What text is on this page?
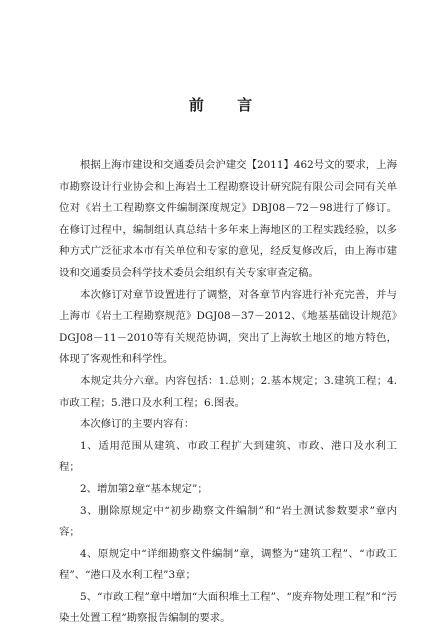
前 言

根据上海市建设和交通委员会沪建交【2011】462号文的要求，上海市勘察设计行业协会和上海岩土工程勘察设计研究院有限公司会同有关单位对《岩土工程勘察文件编制深度规定》DBJ08－72－98进行了修订。在修订过程中，编制组认真总结十多年来上海地区的工程实践经验，以多种方式广泛征求本市有关单位和专家的意见，经反复修改后，由上海市建设和交通委员会科学技术委员会组织有关专家审查定稿。

本次修订对章节设置进行了调整，对各章节内容进行补充完善，并与上海市《岩土工程勘察规范》DGJ08－37－2012、《地基基础设计规范》DGJ08－11－2010等有关规范协调，突出了上海软土地区的地方特色，体现了客观性和科学性。

本规定共分六章。内容包括：1.总则；2.基本规定；3.建筑工程；4.市政工程；5.港口及水利工程；6.图表。

本次修订的主要内容有：

1、适用范围从建筑、市政工程扩大到建筑、市政、港口及水利工程；

2、增加第2章“基本规定”；

3、删除原规定中“初步勘察文件编制”和“岩土测试参数要求”章内容；

4、原规定中“详细勘察文件编制”章，调整为“建筑工程”、“市政工程”、“港口及水利工程”3章；

5、“市政工程”章中增加“大面积堆土工程”、“废弃物处理工程”和“污染土处置工程”勘察报告编制的要求。
